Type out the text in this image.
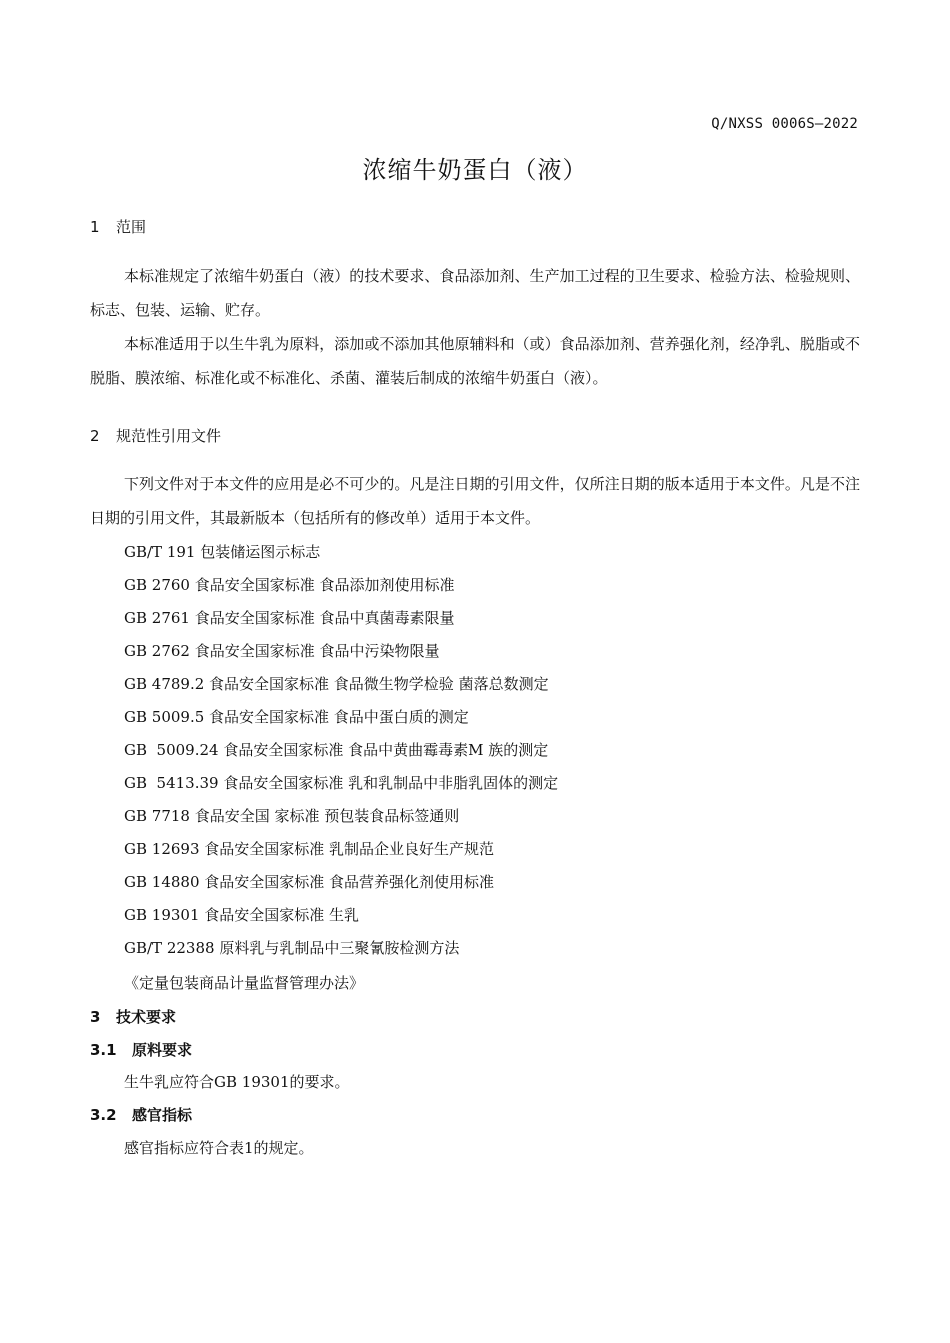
Q/NXSS 0006S—2022
浓缩牛奶蛋白（液）
1 范围
本标准规定了浓缩牛奶蛋白（液）的技术要求、食品添加剂、生产加工过程的卫生要求、检验方法、检验规则、标志、包装、运输、贮存。
本标准适用于以生牛乳为原料，添加或不添加其他原辅料和（或）食品添加剂、营养强化剂，经净乳、脱脂或不脱脂、膜浓缩、标准化或不标准化、杀菌、灌装后制成的浓缩牛奶蛋白（液）。
2 规范性引用文件
下列文件对于本文件的应用是必不可少的。凡是注日期的引用文件，仅所注日期的版本适用于本文件。凡是不注日期的引用文件，其最新版本（包括所有的修改单）适用于本文件。
GB/T 191 包装储运图示标志
GB 2760 食品安全国家标准 食品添加剂使用标准
GB 2761 食品安全国家标准 食品中真菌毒素限量
GB 2762 食品安全国家标准 食品中污染物限量
GB 4789.2 食品安全国家标准 食品微生物学检验 菌落总数测定
GB 5009.5 食品安全国家标准 食品中蛋白质的测定
GB  5009.24 食品安全国家标准 食品中黄曲霉毒素M 族的测定
GB  5413.39 食品安全国家标准 乳和乳制品中非脂乳固体的测定
GB 7718 食品安全国 家标准 预包装食品标签通则
GB 12693 食品安全国家标准 乳制品企业良好生产规范
GB 14880 食品安全国家标准 食品营养强化剂使用标准
GB 19301 食品安全国家标准 生乳
GB/T 22388 原料乳与乳制品中三聚氰胺检测方法
《定量包装商品计量监督管理办法》
3 技术要求
3.1 原料要求
生牛乳应符合GB 19301的要求。
3.2 感官指标
感官指标应符合表1的规定。
